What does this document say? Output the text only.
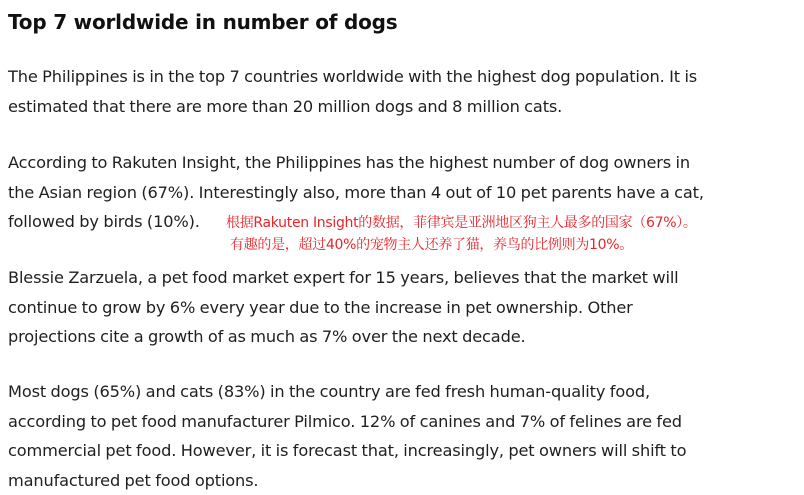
Top 7 worldwide in number of dogs

The Philippines is in the top 7 countries worldwide with the highest dog population. It is
estimated that there are more than 20 million dogs and 8 million cats.

According to Rakuten Insight, the Philippines has the highest number of dog owners in
the Asian region (67%). Interestingly also, more than 4 out of 10 pet parents have a cat,
followed by birds (10%).	根据Rakuten Insight的数据，菲律宾是亚洲地区狗主人最多的国家（67%）。
有趣的是，超过40%的宠物主人还养了猫，养鸟的比例则为10%。

Blessie Zarzuela, a pet food market expert for 15 years, believes that the market will
continue to grow by 6% every year due to the increase in pet ownership. Other
projections cite a growth of as much as 7% over the next decade.

Most dogs (65%) and cats (83%) in the country are fed fresh human-quality food,
according to pet food manufacturer Pilmico. 12% of canines and 7% of felines are fed
commercial pet food. However, it is forecast that, increasingly, pet owners will shift to
manufactured pet food options.
